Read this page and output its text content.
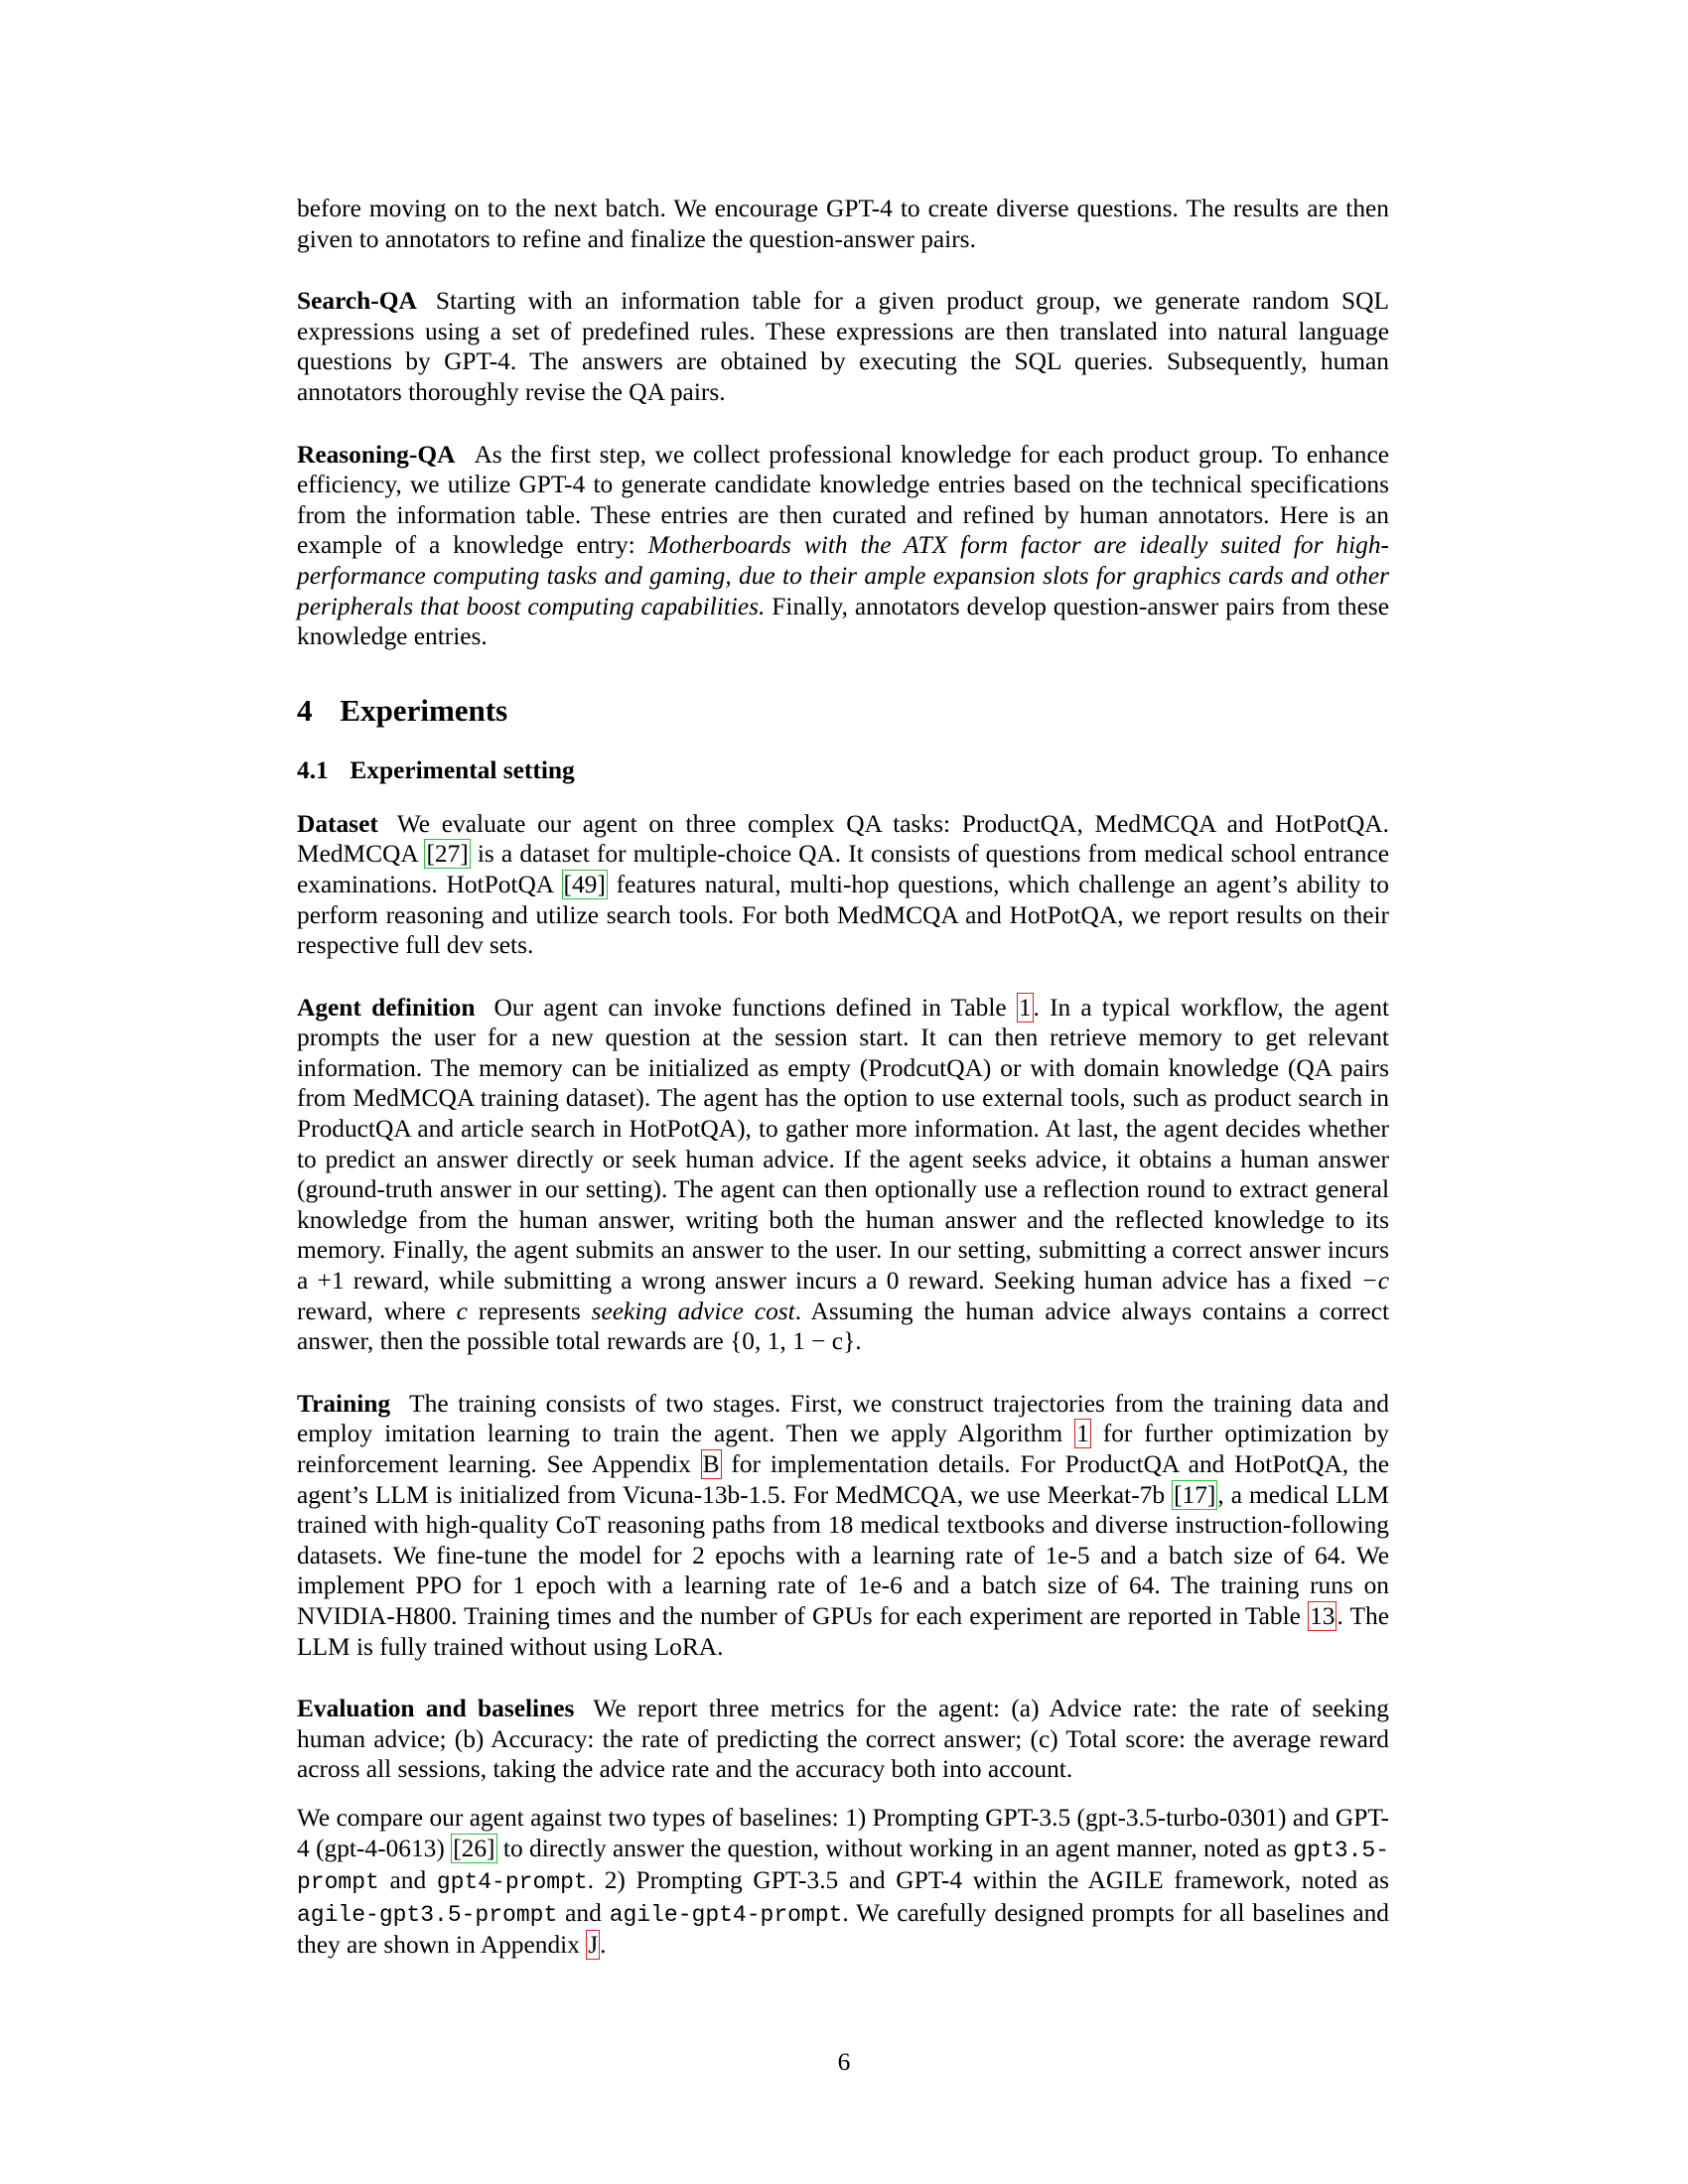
before moving on to the next batch. We encourage GPT-4 to create diverse questions. The results are then given to annotators to refine and finalize the question-answer pairs.

Search-QA Starting with an information table for a given product group, we generate random SQL expressions using a set of predefined rules. These expressions are then translated into natural language questions by GPT-4. The answers are obtained by executing the SQL queries. Subsequently, human annotators thoroughly revise the QA pairs.

Reasoning-QA As the first step, we collect professional knowledge for each product group. To enhance efficiency, we utilize GPT-4 to generate candidate knowledge entries based on the technical specifications from the information table. These entries are then curated and refined by human annotators. Here is an example of a knowledge entry: Motherboards with the ATX form factor are ideally suited for high-performance computing tasks and gaming, due to their ample expansion slots for graphics cards and other peripherals that boost computing capabilities. Finally, annotators develop question-answer pairs from these knowledge entries.

4 Experiments
4.1 Experimental setting

Dataset We evaluate our agent on three complex QA tasks: ProductQA, MedMCQA and HotPotQA. MedMCQA [27] is a dataset for multiple-choice QA. It consists of questions from medical school entrance examinations. HotPotQA [49] features natural, multi-hop questions, which challenge an agent’s ability to perform reasoning and utilize search tools. For both MedMCQA and HotPotQA, we report results on their respective full dev sets.

Agent definition Our agent can invoke functions defined in Table 1. In a typical workflow, the agent prompts the user for a new question at the session start. It can then retrieve memory to get relevant information. The memory can be initialized as empty (ProdcutQA) or with domain knowledge (QA pairs from MedMCQA training dataset). The agent has the option to use external tools, such as product search in ProductQA and article search in HotPotQA), to gather more information. At last, the agent decides whether to predict an answer directly or seek human advice. If the agent seeks advice, it obtains a human answer (ground-truth answer in our setting). The agent can then optionally use a reflection round to extract general knowledge from the human answer, writing both the human answer and the reflected knowledge to its memory. Finally, the agent submits an answer to the user. In our setting, submitting a correct answer incurs a +1 reward, while submitting a wrong answer incurs a 0 reward. Seeking human advice has a fixed −c reward, where c represents seeking advice cost. Assuming the human advice always contains a correct answer, then the possible total rewards are {0, 1, 1 − c}.

Training The training consists of two stages. First, we construct trajectories from the training data and employ imitation learning to train the agent. Then we apply Algorithm 1 for further optimization by reinforcement learning. See Appendix B for implementation details. For ProductQA and HotPotQA, the agent’s LLM is initialized from Vicuna-13b-1.5. For MedMCQA, we use Meerkat-7b [17], a medical LLM trained with high-quality CoT reasoning paths from 18 medical textbooks and diverse instruction-following datasets. We fine-tune the model for 2 epochs with a learning rate of 1e-5 and a batch size of 64. We implement PPO for 1 epoch with a learning rate of 1e-6 and a batch size of 64. The training runs on NVIDIA-H800. Training times and the number of GPUs for each experiment are reported in Table 13. The LLM is fully trained without using LoRA.

Evaluation and baselines We report three metrics for the agent: (a) Advice rate: the rate of seeking human advice; (b) Accuracy: the rate of predicting the correct answer; (c) Total score: the average reward across all sessions, taking the advice rate and the accuracy both into account.

We compare our agent against two types of baselines: 1) Prompting GPT-3.5 (gpt-3.5-turbo-0301) and GPT-4 (gpt-4-0613) [26] to directly answer the question, without working in an agent manner, noted as gpt3.5-prompt and gpt4-prompt. 2) Prompting GPT-3.5 and GPT-4 within the AGILE framework, noted as agile-gpt3.5-prompt and agile-gpt4-prompt. We carefully designed prompts for all baselines and they are shown in Appendix J.

6
